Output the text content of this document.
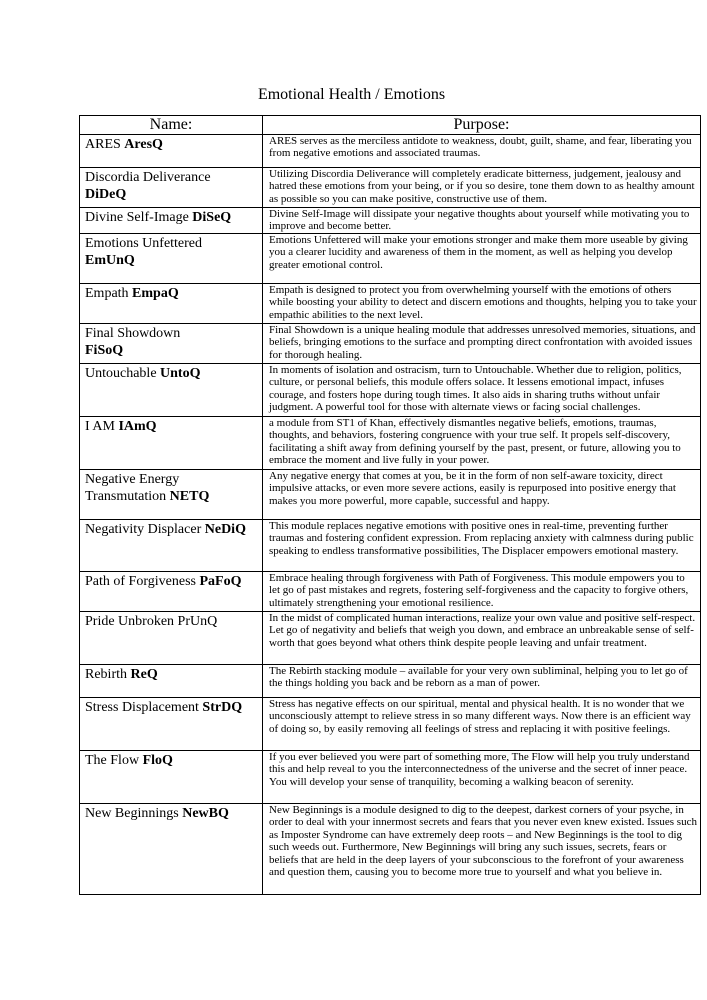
Emotional Health / Emotions
Name:	Purpose:
ARES AresQ	ARES serves as the merciless antidote to weakness, doubt, guilt, shame, and fear, liberating you from negative emotions and associated traumas.

Discordia Deliverance
DiDeQ	Utilizing Discordia Deliverance will completely eradicate bitterness, judgement, jealousy and hatred these emotions from your being, or if you so desire, tone them down to as healthy amount as possible so you can make positive, constructive use of them.

Divine Self-Image DiSeQ	Divine Self-Image will dissipate your negative thoughts about yourself while motivating you to improve and become better.

Emotions Unfettered
EmUnQ	Emotions Unfettered will make your emotions stronger and make them more useable by giving you a clearer lucidity and awareness of them in the moment, as well as helping you develop greater emotional control.

Empath EmpaQ	Empath is designed to protect you from overwhelming yourself with the emotions of others while boosting your ability to detect and discern emotions and thoughts, helping you to take your empathic abilities to the next level.

Final Showdown
FiSoQ	Final Showdown is a unique healing module that addresses unresolved memories, situations, and beliefs, bringing emotions to the surface and prompting direct confrontation with avoided issues for thorough healing.

Untouchable UntoQ	In moments of isolation and ostracism, turn to Untouchable. Whether due to religion, politics, culture, or personal beliefs, this module offers solace. It lessens emotional impact, infuses courage, and fosters hope during tough times. It also aids in sharing truths without unfair judgment. A powerful tool for those with alternate views or facing social challenges.

I AM IAmQ	a module from ST1 of Khan, effectively dismantles negative beliefs, emotions, traumas, thoughts, and behaviors, fostering congruence with your true self. It propels self-discovery, facilitating a shift away from defining yourself by the past, present, or future, allowing you to embrace the moment and live fully in your power.

Negative Energy Transmutation NETQ	Any negative energy that comes at you, be it in the form of non self-aware toxicity, direct impulsive attacks, or even more severe actions, easily is repurposed into positive energy that makes you more powerful, more capable, successful and happy.

Negativity Displacer NeDiQ	This module replaces negative emotions with positive ones in real-time, preventing further traumas and fostering confident expression. From replacing anxiety with calmness during public speaking to endless transformative possibilities, The Displacer empowers emotional mastery.

Path of Forgiveness PaFoQ	Embrace healing through forgiveness with Path of Forgiveness. This module empowers you to let go of past mistakes and regrets, fostering self-forgiveness and the capacity to forgive others, ultimately strengthening your emotional resilience.

Pride Unbroken PrUnQ	In the midst of complicated human interactions, realize your own value and positive self-respect. Let go of negativity and beliefs that weigh you down, and embrace an unbreakable sense of self-worth that goes beyond what others think despite people leaving and unfair treatment.

Rebirth ReQ	The Rebirth stacking module – available for your very own subliminal, helping you to let go of the things holding you back and be reborn as a man of power.

Stress Displacement StrDQ	Stress has negative effects on our spiritual, mental and physical health. It is no wonder that we unconsciously attempt to relieve stress in so many different ways. Now there is an efficient way of doing so, by easily removing all feelings of stress and replacing it with positive feelings.

The Flow FloQ	If you ever believed you were part of something more, The Flow will help you truly understand this and help reveal to you the interconnectedness of the universe and the secret of inner peace. You will develop your sense of tranquility, becoming a walking beacon of serenity.

New Beginnings NewBQ	New Beginnings is a module designed to dig to the deepest, darkest corners of your psyche, in order to deal with your innermost secrets and fears that you never even knew existed. Issues such as Imposter Syndrome can have extremely deep roots – and New Beginnings is the tool to dig such weeds out. Furthermore, New Beginnings will bring any such issues, secrets, fears or beliefs that are held in the deep layers of your subconscious to the forefront of your awareness and question them, causing you to become more true to yourself and what you believe in.
